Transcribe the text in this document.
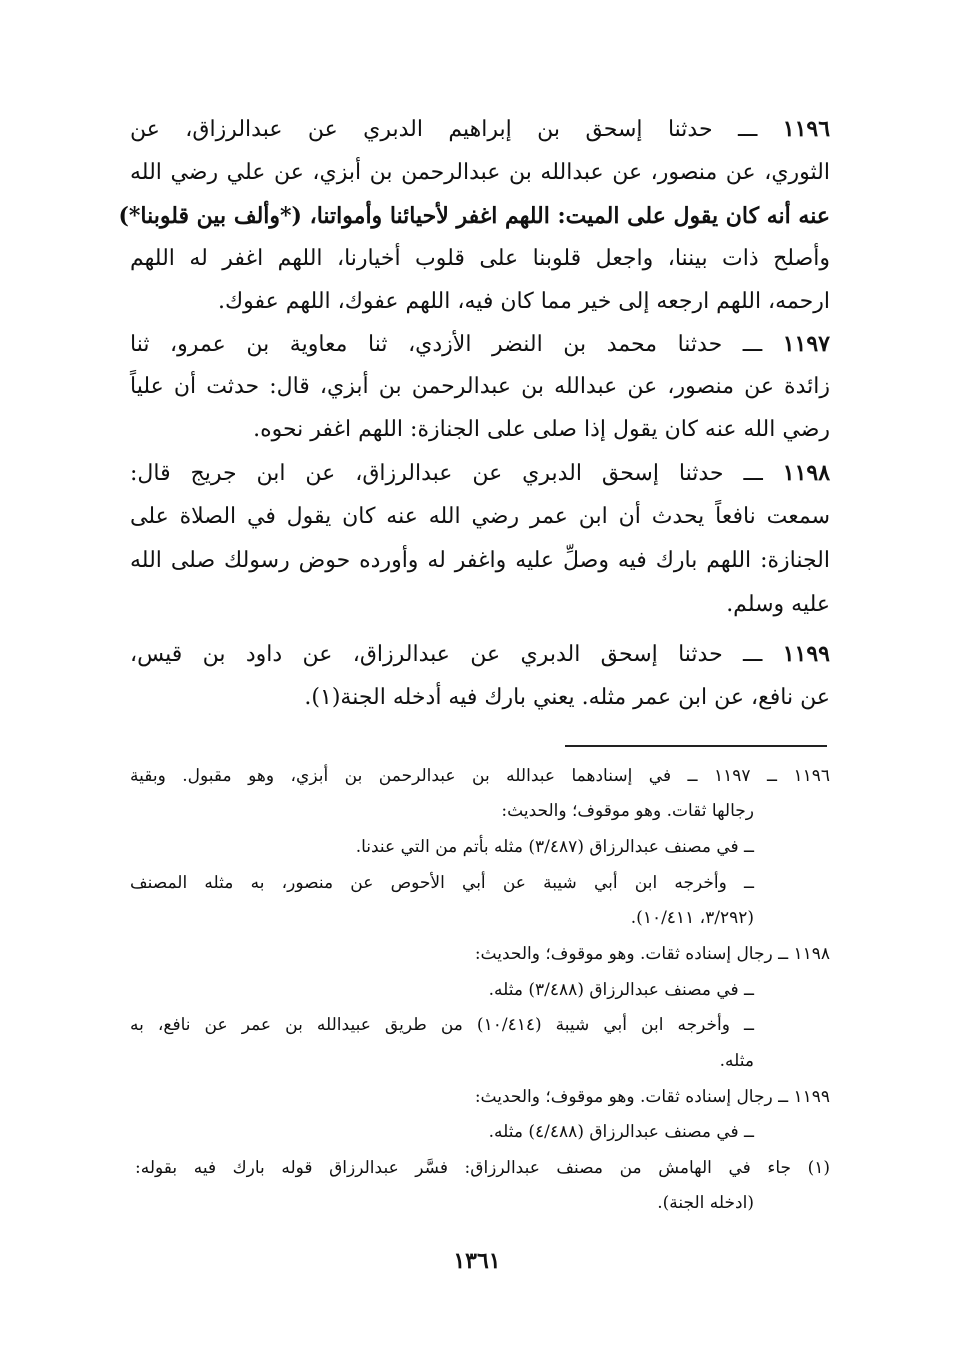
١١٩٦ ـــ حدثنا إسحق بن إبراهيم الدبري عن عبدالرزاق، عن
الثوري، عن منصور، عن عبدالله بن عبدالرحمن بن أبزي، عن علي رضي الله
عنه أنه كان يقول على الميت: اللهم اغفر لأحيائنا وأمواتنا، (*وألف بين قلوبنا*)
وأصلح ذات بيننا، واجعل قلوبنا على قلوب أخيارنا، اللهم اغفر له اللهم
ارحمه، اللهم ارجعه إلى خير مما كان فيه، اللهم عفوك، اللهم عفوك.
١١٩٧ ـــ حدثنا محمد بن النضر الأزدي، ثنا معاوية بن عمرو، ثنا
زائدة عن منصور، عن عبدالله بن عبدالرحمن بن أبزي، قال: حدثت أن علياً
رضي الله عنه كان يقول إذا صلى على الجنازة: اللهم اغفر نحوه.
١١٩٨ ـــ حدثنا إسحق الدبري عن عبدالرزاق، عن ابن جريج قال:
سمعت نافعاً يحدث أن ابن عمر رضي الله عنه كان يقول في الصلاة على
الجنازة: اللهم بارك فيه وصلِّ عليه واغفر له وأورده حوض رسولك صلى الله
عليه وسلم.
١١٩٩ ـــ حدثنا إسحق الدبري عن عبدالرزاق، عن داود بن قيس،
عن نافع، عن ابن عمر مثله. يعني بارك فيه أدخله الجنة(١).
١١٩٦ ــ ١١٩٧ ــ في إسنادهما عبدالله بن عبدالرحمن بن أبزي، وهو مقبول. وبقية
رجالها ثقات. وهو موقوف؛ والحديث:
ــ في مصنف عبدالرزاق (٣/٤٨٧) مثله بأتم من التي عندنا.
ــ وأخرجه ابن أبي شيبة عن أبي الأحوص عن منصور، به مثله المصنف
(٣/٢٩٢، ١٠/٤١١).
١١٩٨ ــ رجال إسناده ثقات. وهو موقوف؛ والحديث:
ــ في مصنف عبدالرزاق (٣/٤٨٨) مثله.
ــ وأخرجه ابن أبي شيبة (١٠/٤١٤) من طريق عبيدالله بن عمر عن نافع، به
مثله.
١١٩٩ ــ رجال إسناده ثقات. وهو موقوف؛ والحديث:
ــ في مصنف عبدالرزاق (٤/٤٨٨) مثله.
(١) جاء في الهامش من مصنف عبدالرزاق: فسَّر عبدالرزاق قوله بارك فيه بقوله:
(ادخله الجنة).
١٣٦١
